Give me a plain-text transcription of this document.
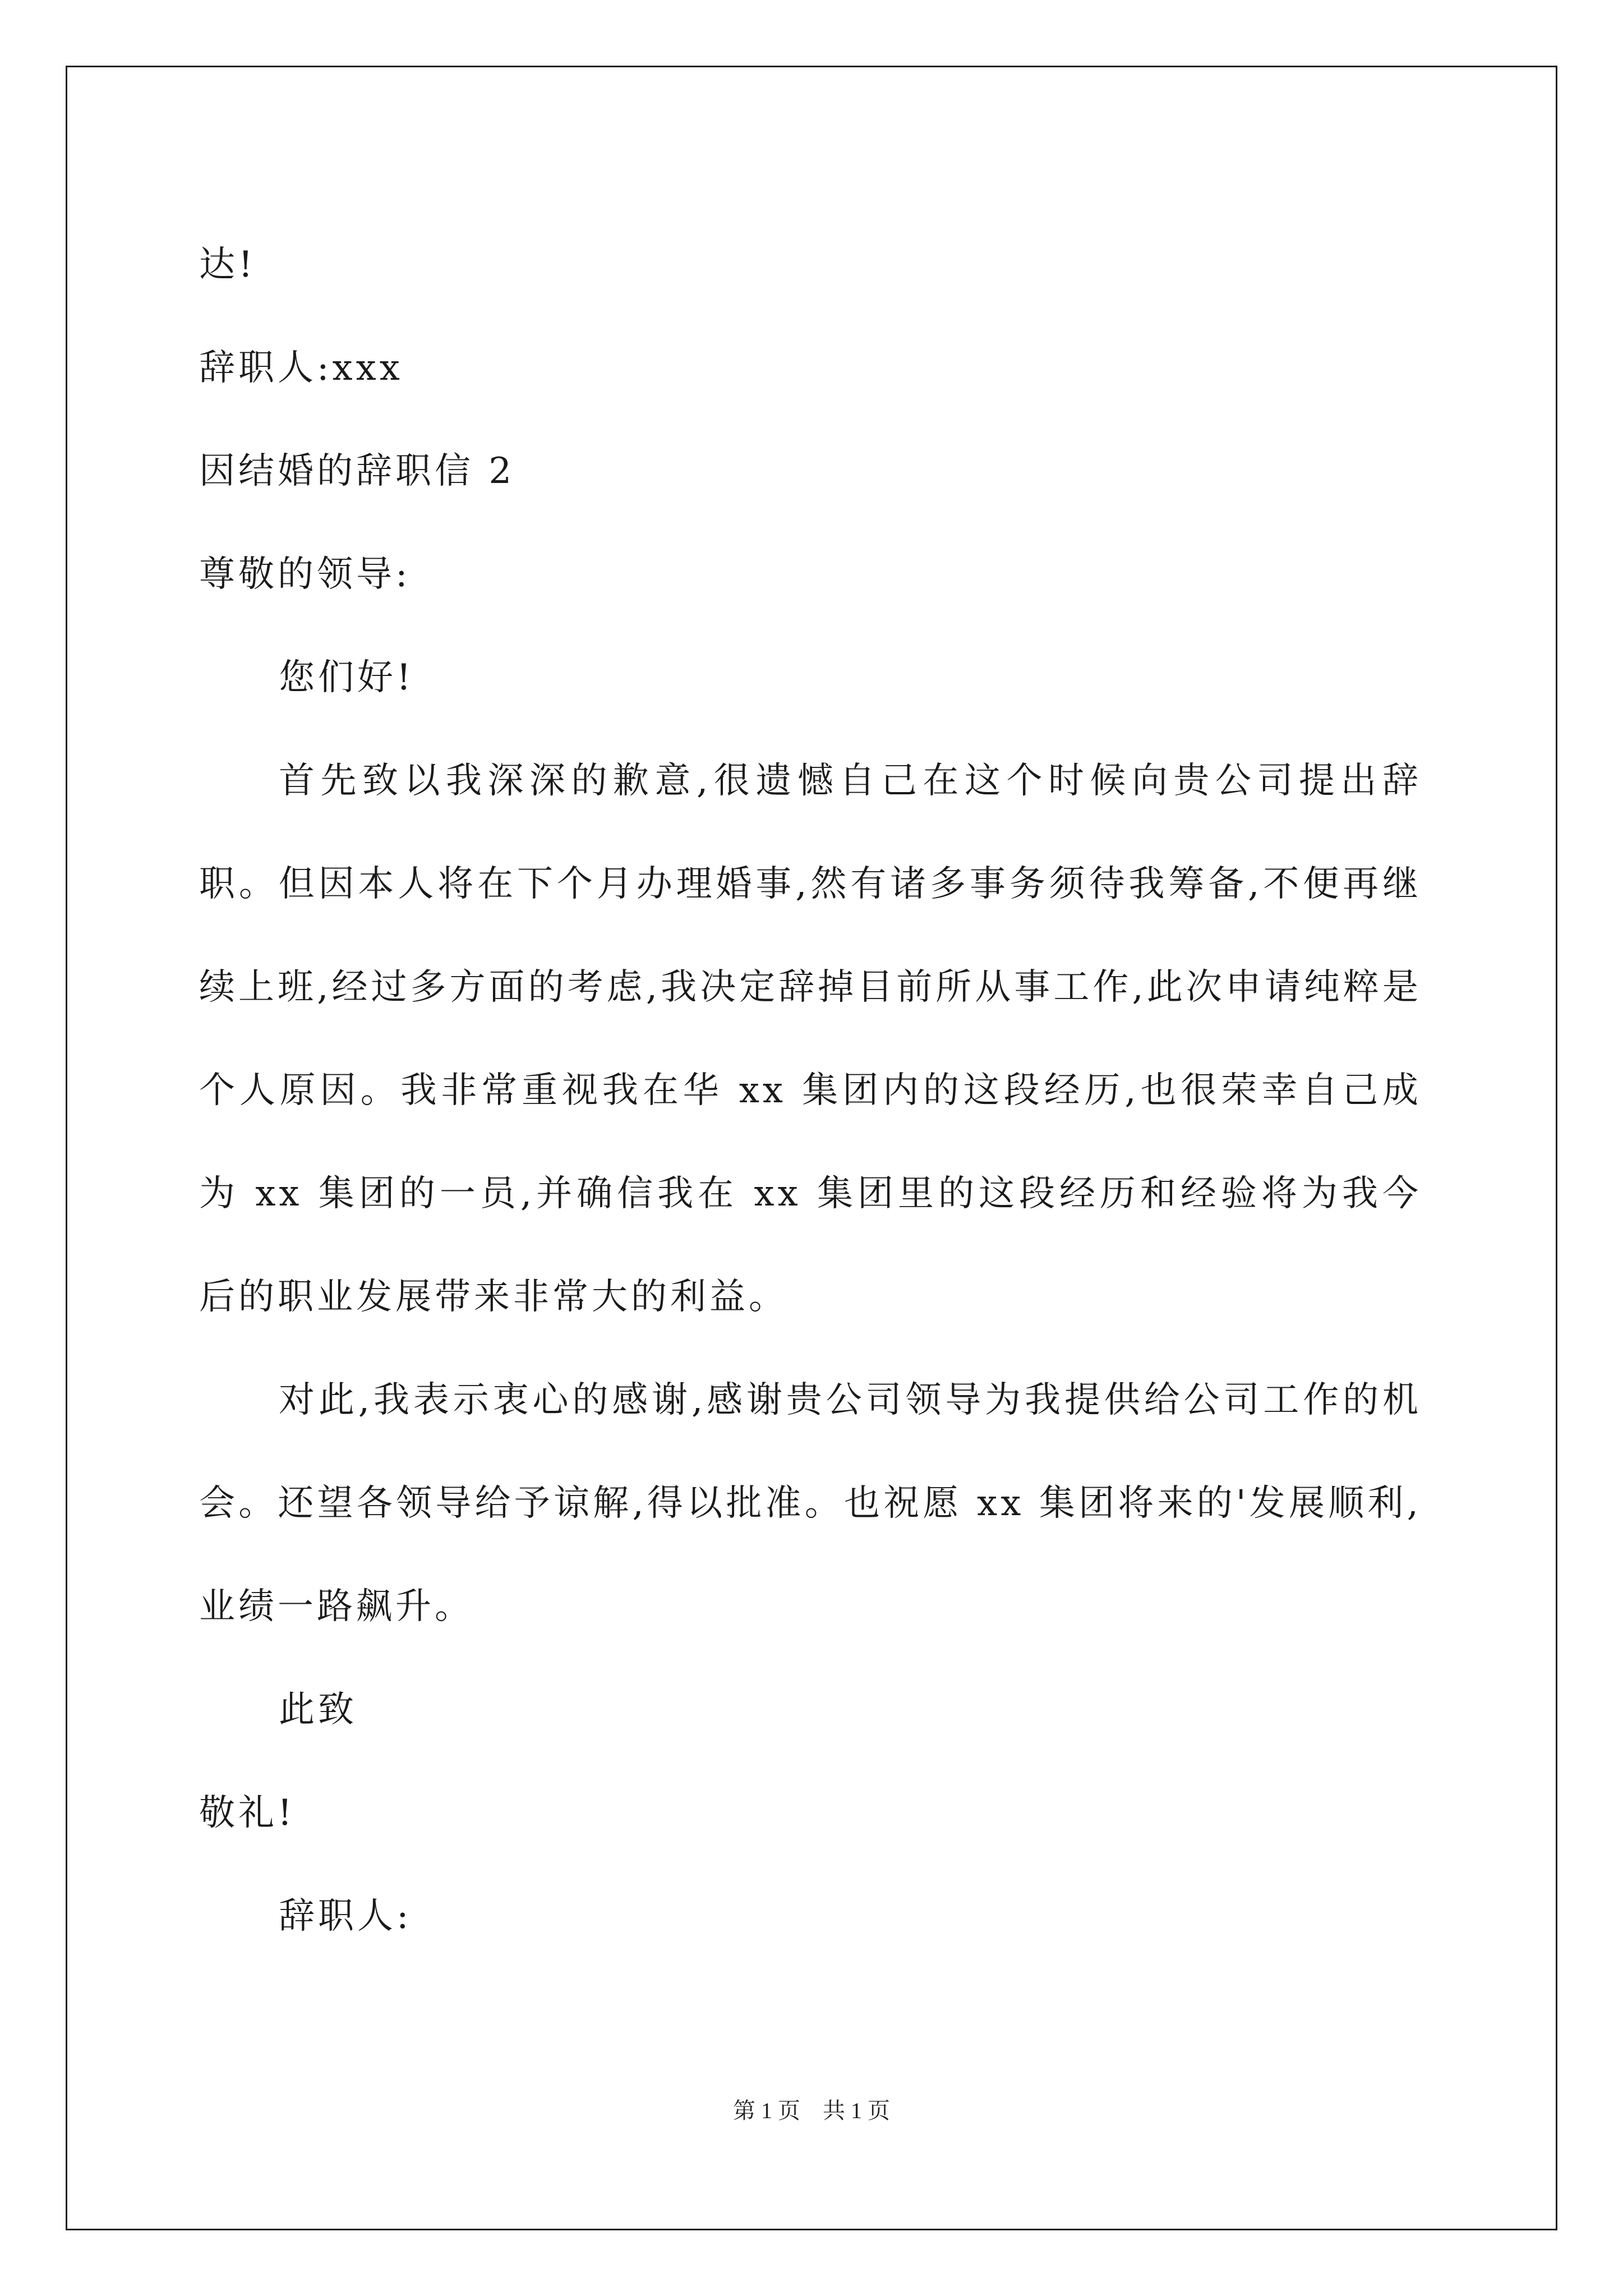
达!
辞职人:xxx
因结婚的辞职信 2
尊敬的领导:
您们好!

首先致以我深深的歉意,很遗憾自己在这个时候向贵公司提出辞职。但因本人将在下个月办理婚事,然有诸多事务须待我筹备,不便再继续上班,经过多方面的考虑,我决定辞掉目前所从事工作,此次申请纯粹是个人原因。我非常重视我在华 xx 集团内的这段经历,也很荣幸自己成为 xx 集团的一员,并确信我在 xx 集团里的这段经历和经验将为我今后的职业发展带来非常大的利益。

对此,我表示衷心的感谢,感谢贵公司领导为我提供给公司工作的机会。还望各领导给予谅解,得以批准。也祝愿 xx 集团将来的'发展顺利,业绩一路飙升。

此致
敬礼!
辞职人:
第 1 页 共 1 页
